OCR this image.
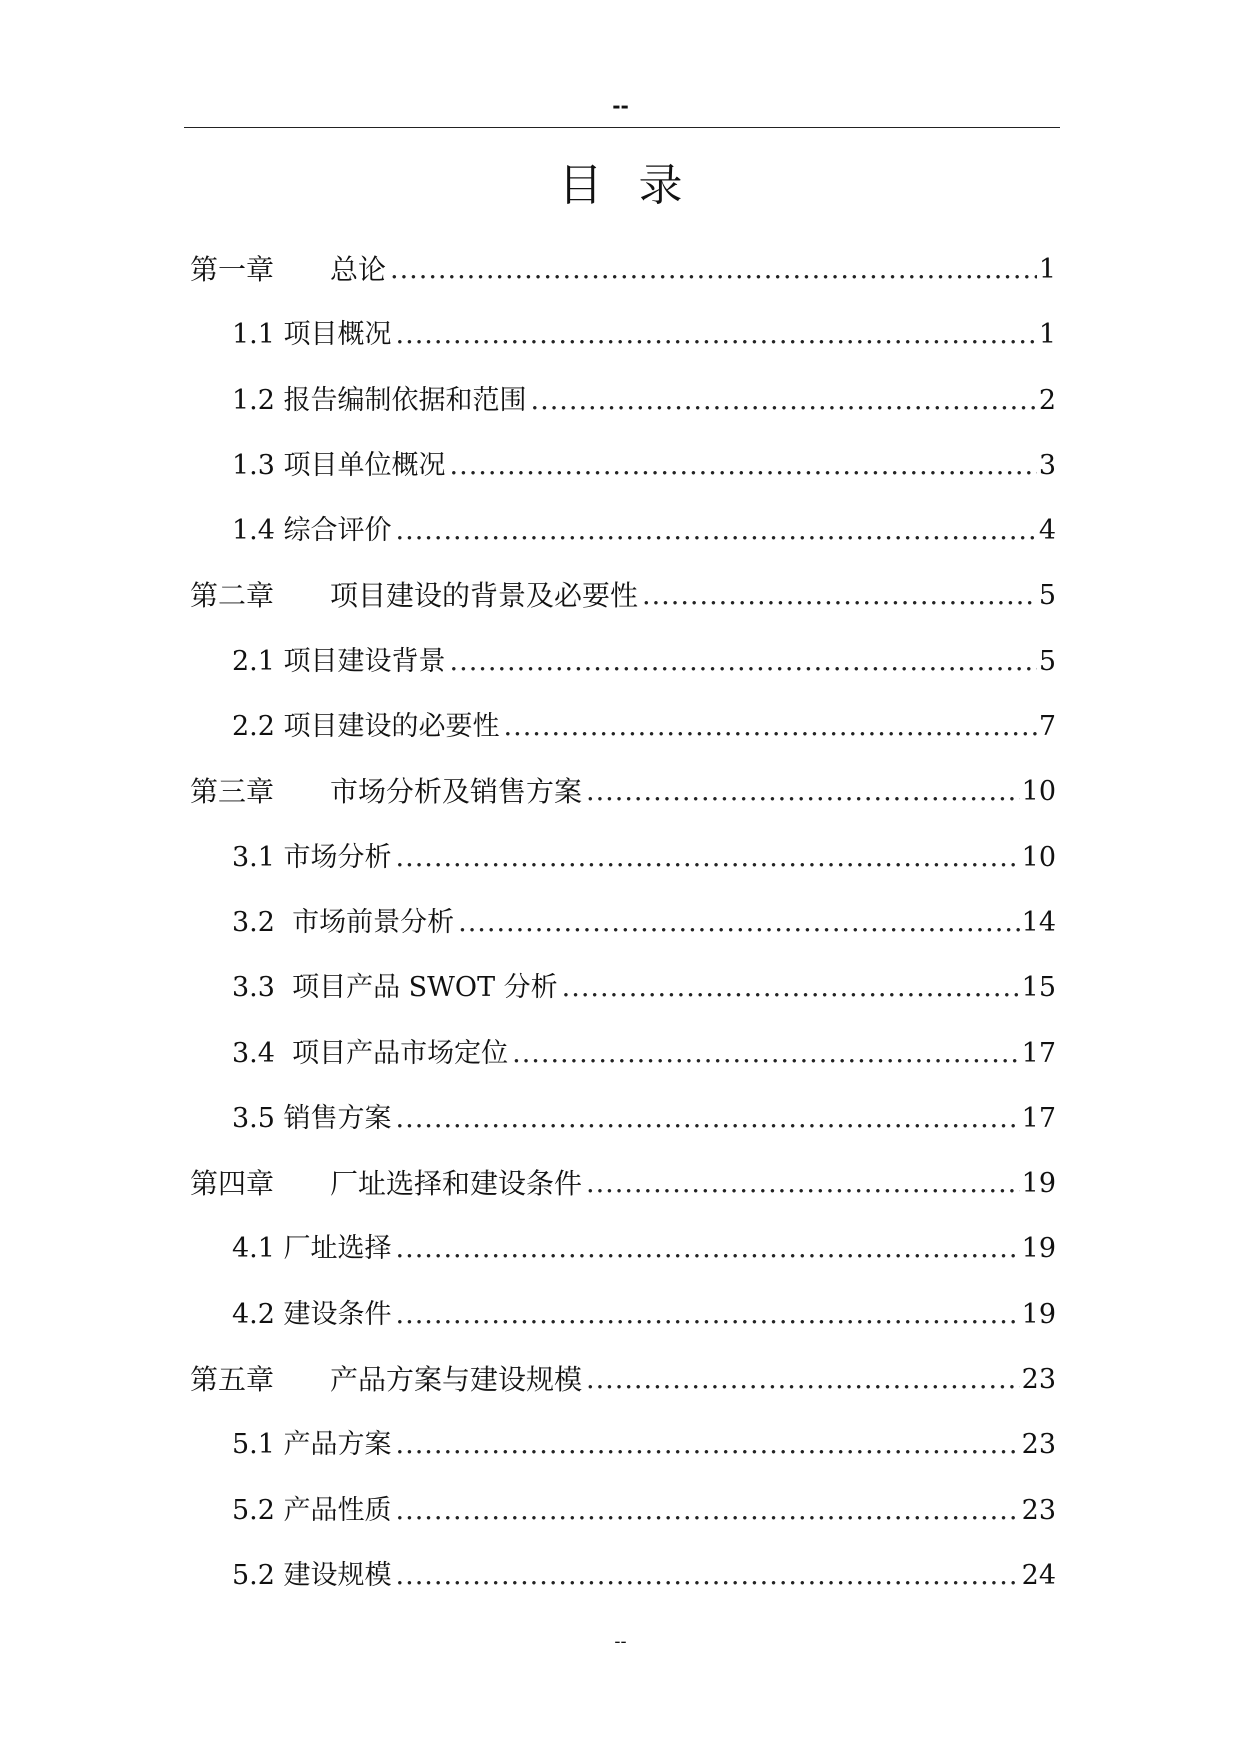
--
目录
第一章　　总论 .....	1
1.1 项目概况 .....	1
1.2 报告编制依据和范围 .....	2
1.3 项目单位概况 .....	3
1.4 综合评价 .....	4
第二章　　项目建设的背景及必要性 .....	5
2.1 项目建设背景 .....	5
2.2 项目建设的必要性 .....	7
第三章　　市场分析及销售方案 .....	10
3.1 市场分析 .....	10
3.2  市场前景分析 .....	14
3.3  项目产品 SWOT 分析 .....	15
3.4  项目产品市场定位 .....	17
3.5 销售方案 .....	17
第四章　　厂址选择和建设条件 .....	19
4.1 厂址选择 .....	19
4.2 建设条件 .....	19
第五章　　产品方案与建设规模 .....	23
5.1 产品方案 .....	23
5.2 产品性质 .....	23
5.2 建设规模 .....	24
--
